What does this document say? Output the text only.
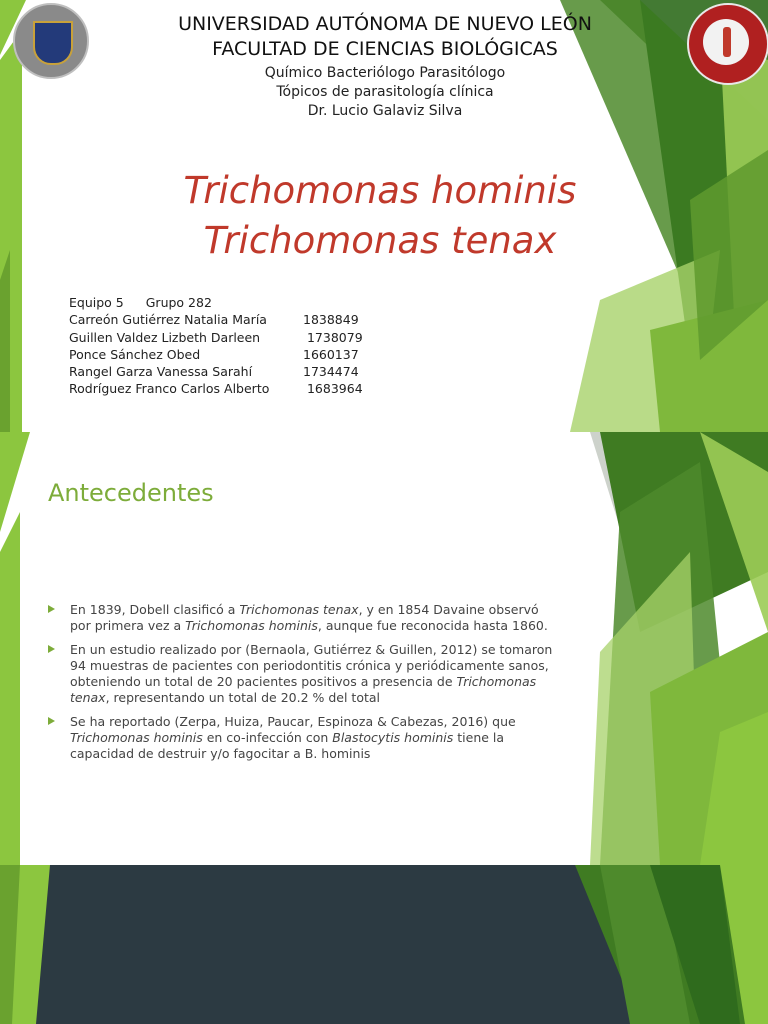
UNIVERSIDAD AUTÓNOMA DE NUEVO LEÓN
FACULTAD DE CIENCIAS BIOLÓGICAS
Químico Bacteriólogo Parasitólogo
Tópicos de parasitología clínica
Dr. Lucio Galaviz Silva
Trichomonas hominis
Trichomonas tenax
Equipo 5 Grupo 282
Carreón Gutiérrez Natalia María	1838849
Guillen Valdez Lizbeth Darleen	1738079
Ponce Sánchez Obed	1660137
Rangel Garza Vanessa Sarahí	1734474
Rodríguez Franco Carlos Alberto	1683964
Antecedentes
En 1839, Dobell clasificó a Trichomonas tenax, y en 1854 Davaine observó por primera vez a Trichomonas hominis, aunque fue reconocida hasta 1860.
En un estudio realizado por (Bernaola, Gutiérrez & Guillen, 2012) se tomaron 94 muestras de pacientes con periodontitis crónica y periódicamente sanos, obteniendo un total de 20 pacientes positivos a presencia de Trichomonas tenax, representando un total de 20.2 % del total
Se ha reportado (Zerpa, Huiza, Paucar, Espinoza & Cabezas, 2016) que Trichomonas hominis en co-infección con Blastocytis hominis tiene la capacidad de destruir y/o fagocitar a B. hominis
